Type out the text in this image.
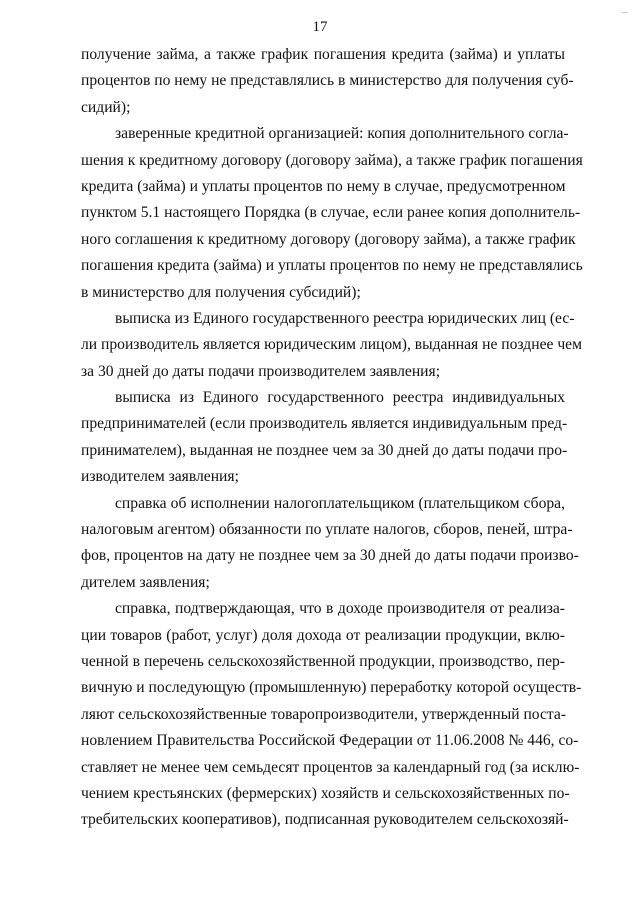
17
получение займа, а также график погашения кредита (займа) и уплаты
процентов по нему не представлялись в министерство для получения суб-
сидий);
заверенные кредитной организацией: копия дополнительного согла-
шения к кредитному договору (договору займа), а также график погашения
кредита (займа) и уплаты процентов по нему в случае, предусмотренном
пунктом 5.1 настоящего Порядка (в случае, если ранее копия дополнитель-
ного соглашения к кредитному договору (договору займа), а также график
погашения кредита (займа) и уплаты процентов по нему не представлялись
в министерство для получения субсидий);
выписка из Единого государственного реестра юридических лиц (ес-
ли производитель является юридическим лицом), выданная не позднее чем
за 30 дней до даты подачи производителем заявления;
выписка из Единого государственного реестра индивидуальных
предпринимателей (если производитель является индивидуальным пред-
принимателем), выданная не позднее чем за 30 дней до даты подачи про-
изводителем заявления;
справка об исполнении налогоплательщиком (плательщиком сбора,
налоговым агентом) обязанности по уплате налогов, сборов, пеней, штра-
фов, процентов на дату не позднее чем за 30 дней до даты подачи произво-
дителем заявления;
справка, подтверждающая, что в доходе производителя от реализа-
ции товаров (работ, услуг) доля дохода от реализации продукции, вклю-
ченной в перечень сельскохозяйственной продукции, производство, пер-
вичную и последующую (промышленную) переработку которой осуществ-
ляют сельскохозяйственные товаропроизводители, утвержденный поста-
новлением Правительства Российской Федерации от 11.06.2008 № 446, со-
ставляет не менее чем семьдесят процентов за календарный год (за исклю-
чением крестьянских (фермерских) хозяйств и сельскохозяйственных по-
требительских кооперативов), подписанная руководителем сельскохозяй-
